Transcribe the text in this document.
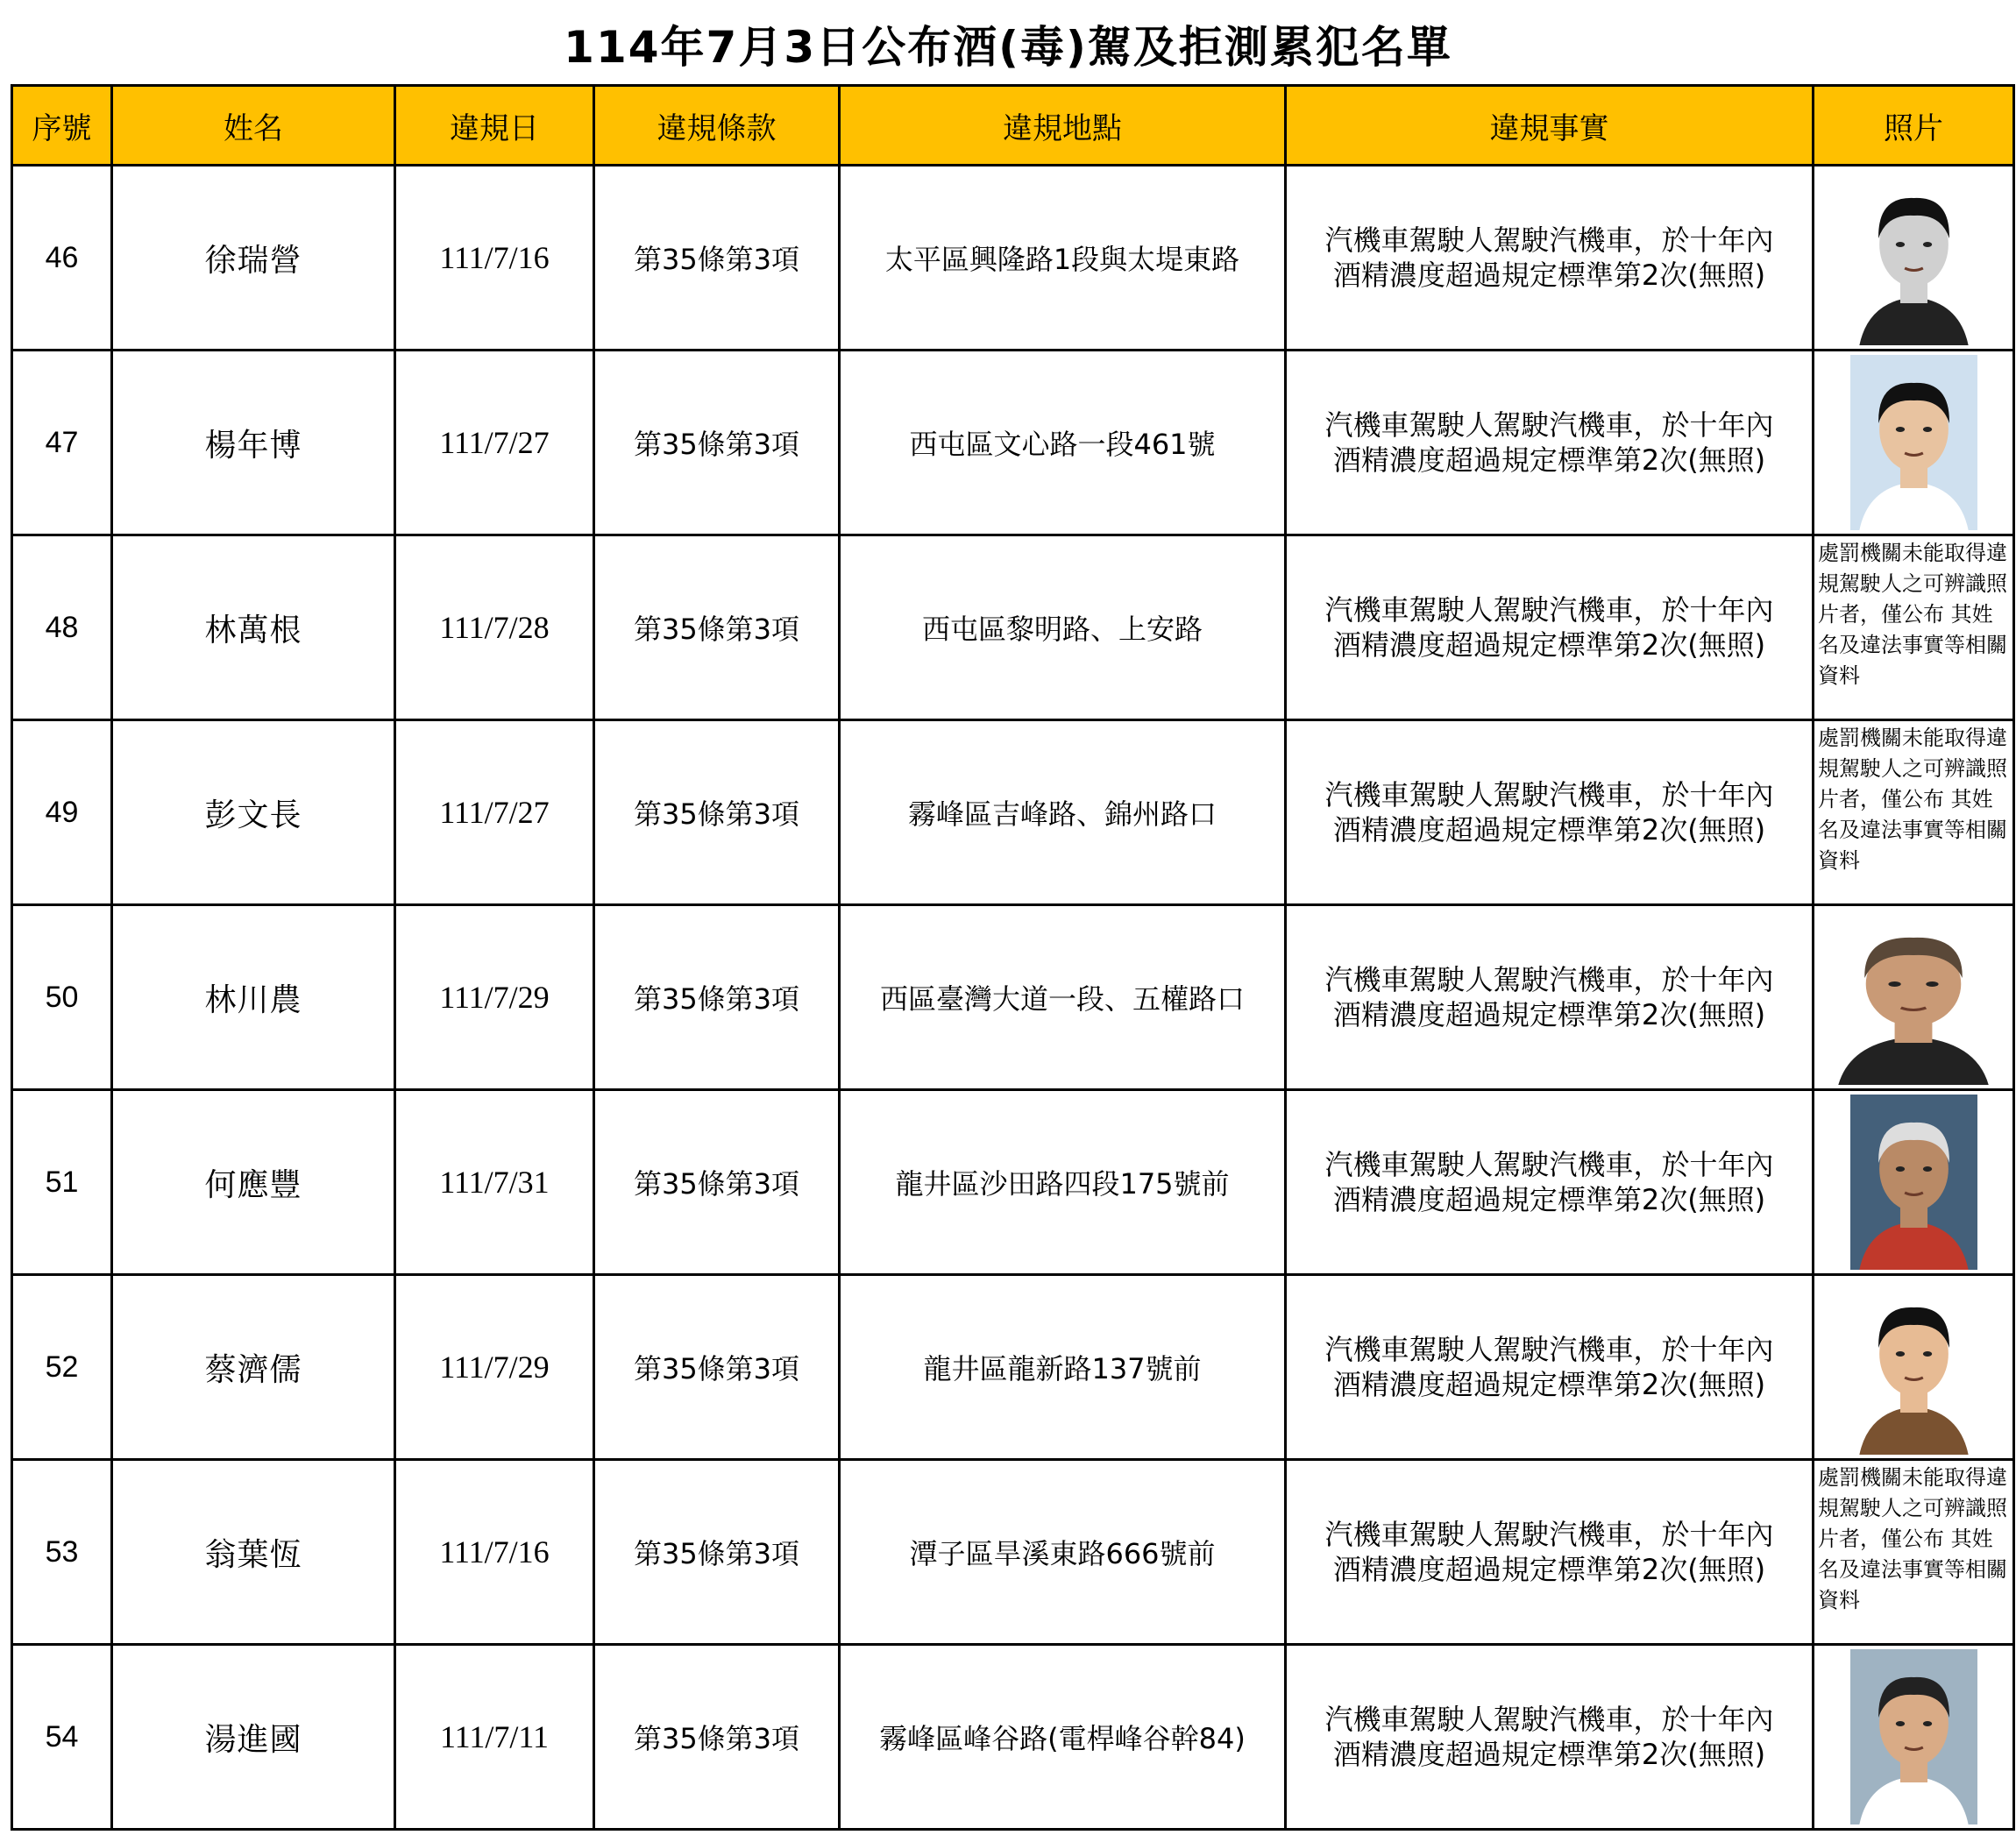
114年7月3日公布酒(毒)駕及拒測累犯名單
序號	姓名	違規日	違規條款	違規地點	違規事實	照片
46	徐瑞營	111/7/16	第35條第3項	太平區興隆路1段與太堤東路	汽機車駕駛人駕駛汽機車，於十年內
酒精濃度超過規定標準第2次(無照)

47	楊年博	111/7/27	第35條第3項	西屯區文心路一段461號	汽機車駕駛人駕駛汽機車，於十年內
酒精濃度超過規定標準第2次(無照)

48	林萬根	111/7/28	第35條第3項	西屯區黎明路、上安路	汽機車駕駛人駕駛汽機車，於十年內
酒精濃度超過規定標準第2次(無照)	處罰機關未能取得違規駕駛人之可辨識照片者，僅公布 其姓名及違法事實等相關資料

49	彭文長	111/7/27	第35條第3項	霧峰區吉峰路、錦州路口	汽機車駕駛人駕駛汽機車，於十年內
酒精濃度超過規定標準第2次(無照)	處罰機關未能取得違規駕駛人之可辨識照片者，僅公布 其姓名及違法事實等相關資料

50	林川農	111/7/29	第35條第3項	西區臺灣大道一段、五權路口	汽機車駕駛人駕駛汽機車，於十年內
酒精濃度超過規定標準第2次(無照)

51	何應豐	111/7/31	第35條第3項	龍井區沙田路四段175號前	汽機車駕駛人駕駛汽機車，於十年內
酒精濃度超過規定標準第2次(無照)

52	蔡濟儒	111/7/29	第35條第3項	龍井區龍新路137號前	汽機車駕駛人駕駛汽機車，於十年內
酒精濃度超過規定標準第2次(無照)

53	翁葉恆	111/7/16	第35條第3項	潭子區旱溪東路666號前	汽機車駕駛人駕駛汽機車，於十年內
酒精濃度超過規定標準第2次(無照)	處罰機關未能取得違規駕駛人之可辨識照片者，僅公布 其姓名及違法事實等相關資料

54	湯進國	111/7/11	第35條第3項	霧峰區峰谷路(電桿峰谷幹84)	汽機車駕駛人駕駛汽機車，於十年內
酒精濃度超過規定標準第2次(無照)
